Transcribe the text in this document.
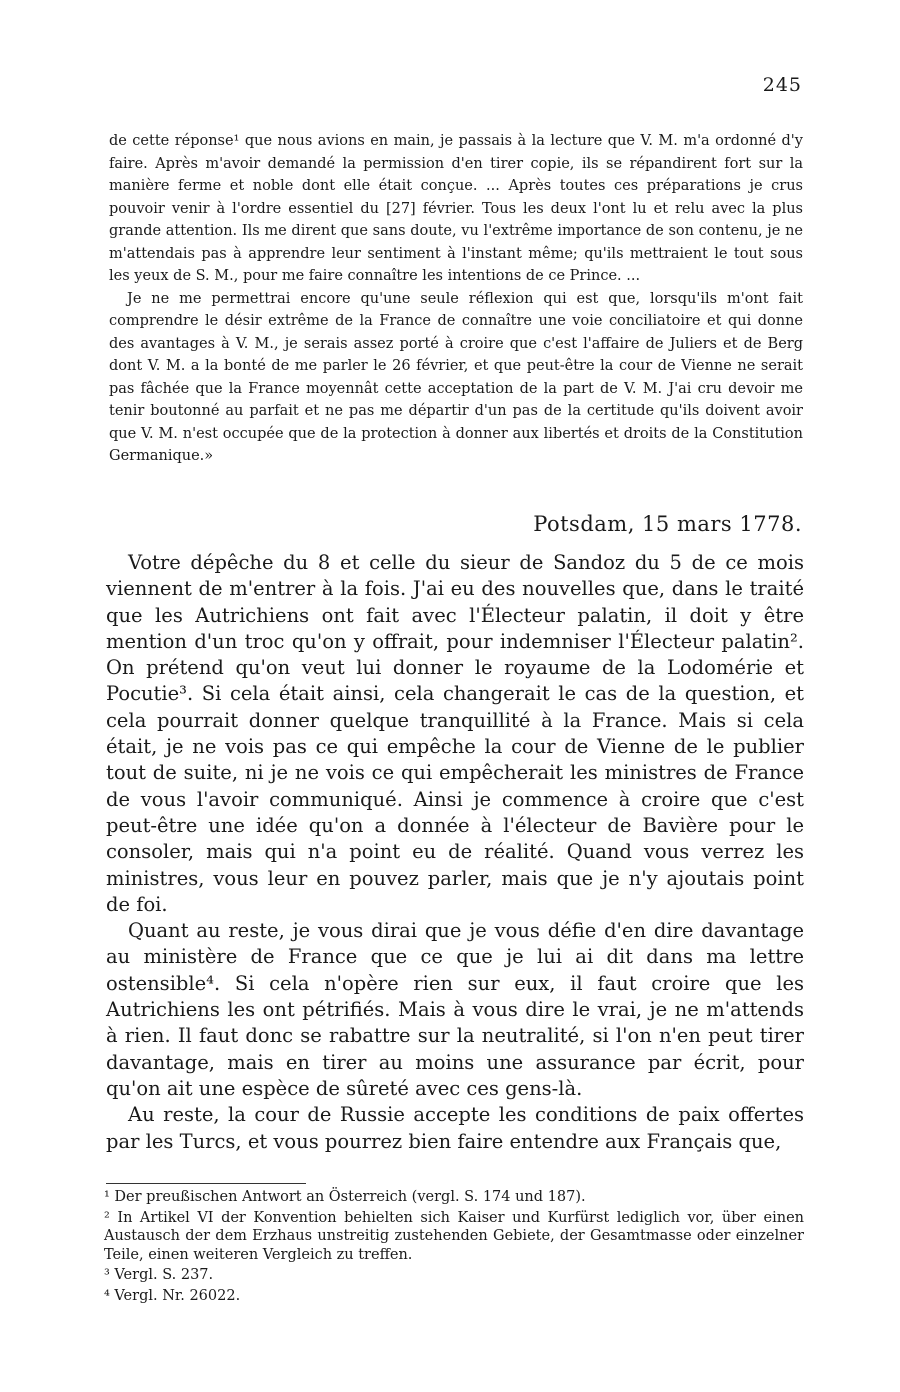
245

de cette réponse¹ que nous avions en main, je passais à la lecture que V. M. m'a ordonné d'y faire. Après m'avoir demandé la permission d'en tirer copie, ils se répandirent fort sur la manière ferme et noble dont elle était conçue. ... Après toutes ces préparations je crus pouvoir venir à l'ordre essentiel du [27] février. Tous les deux l'ont lu et relu avec la plus grande attention. Ils me dirent que sans doute, vu l'extrême importance de son contenu, je ne m'attendais pas à apprendre leur sentiment à l'instant même; qu'ils mettraient le tout sous les yeux de S. M., pour me faire connaître les intentions de ce Prince. ...

Je ne me permettrai encore qu'une seule réflexion qui est que, lorsqu'ils m'ont fait comprendre le désir extrême de la France de connaître une voie conciliatoire et qui donne des avantages à V. M., je serais assez porté à croire que c'est l'affaire de Juliers et de Berg dont V. M. a la bonté de me parler le 26 février, et que peut-être la cour de Vienne ne serait pas fâchée que la France moyennât cette acceptation de la part de V. M. J'ai cru devoir me tenir boutonné au parfait et ne pas me départir d'un pas de la certitude qu'ils doivent avoir que V. M. n'est occupée que de la protection à donner aux libertés et droits de la Constitution Germanique.»

Potsdam, 15 mars 1778.

Votre dépêche du 8 et celle du sieur de Sandoz du 5 de ce mois viennent de m'entrer à la fois. J'ai eu des nouvelles que, dans le traité que les Autrichiens ont fait avec l'Électeur palatin, il doit y être mention d'un troc qu'on y offrait, pour indemniser l'Électeur palatin². On prétend qu'on veut lui donner le royaume de la Lodomérie et Pocutie³. Si cela était ainsi, cela changerait le cas de la question, et cela pourrait donner quelque tranquillité à la France. Mais si cela était, je ne vois pas ce qui empêche la cour de Vienne de le publier tout de suite, ni je ne vois ce qui empêcherait les ministres de France de vous l'avoir communiqué. Ainsi je commence à croire que c'est peut-être une idée qu'on a donnée à l'électeur de Bavière pour le consoler, mais qui n'a point eu de réalité. Quand vous verrez les ministres, vous leur en pouvez parler, mais que je n'y ajoutais point de foi.

Quant au reste, je vous dirai que je vous défie d'en dire davantage au ministère de France que ce que je lui ai dit dans ma lettre ostensible⁴. Si cela n'opère rien sur eux, il faut croire que les Autrichiens les ont pétrifiés. Mais à vous dire le vrai, je ne m'attends à rien. Il faut donc se rabattre sur la neutralité, si l'on n'en peut tirer davantage, mais en tirer au moins une assurance par écrit, pour qu'on ait une espèce de sûreté avec ces gens-là.

Au reste, la cour de Russie accepte les conditions de paix offertes par les Turcs, et vous pourrez bien faire entendre aux Français que,

¹ Der preußischen Antwort an Österreich (vergl. S. 174 und 187).

² In Artikel VI der Konvention behielten sich Kaiser und Kurfürst lediglich vor, über einen Austausch der dem Erzhaus unstreitig zustehenden Gebiete, der Gesamtmasse oder einzelner Teile, einen weiteren Vergleich zu treffen.

³ Vergl. S. 237.

⁴ Vergl. Nr. 26022.
